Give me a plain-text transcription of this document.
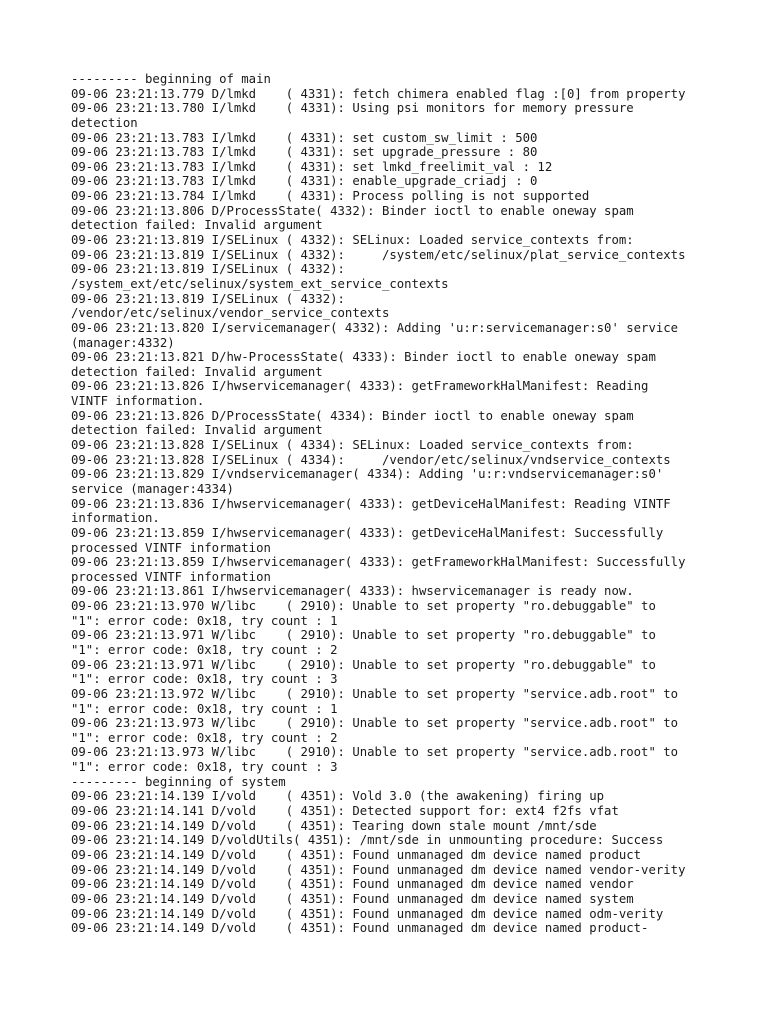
--------- beginning of main
09-06 23:21:13.779 D/lmkd    ( 4331): fetch chimera enabled flag :[0] from property
09-06 23:21:13.780 I/lmkd    ( 4331): Using psi monitors for memory pressure
detection
09-06 23:21:13.783 I/lmkd    ( 4331): set custom_sw_limit : 500
09-06 23:21:13.783 I/lmkd    ( 4331): set upgrade_pressure : 80
09-06 23:21:13.783 I/lmkd    ( 4331): set lmkd_freelimit_val : 12
09-06 23:21:13.783 I/lmkd    ( 4331): enable_upgrade_criadj : 0
09-06 23:21:13.784 I/lmkd    ( 4331): Process polling is not supported
09-06 23:21:13.806 D/ProcessState( 4332): Binder ioctl to enable oneway spam
detection failed: Invalid argument
09-06 23:21:13.819 I/SELinux ( 4332): SELinux: Loaded service_contexts from:
09-06 23:21:13.819 I/SELinux ( 4332):     /system/etc/selinux/plat_service_contexts
09-06 23:21:13.819 I/SELinux ( 4332):
/system_ext/etc/selinux/system_ext_service_contexts
09-06 23:21:13.819 I/SELinux ( 4332):
/vendor/etc/selinux/vendor_service_contexts
09-06 23:21:13.820 I/servicemanager( 4332): Adding 'u:r:servicemanager:s0' service
(manager:4332)
09-06 23:21:13.821 D/hw-ProcessState( 4333): Binder ioctl to enable oneway spam
detection failed: Invalid argument
09-06 23:21:13.826 I/hwservicemanager( 4333): getFrameworkHalManifest: Reading
VINTF information.
09-06 23:21:13.826 D/ProcessState( 4334): Binder ioctl to enable oneway spam
detection failed: Invalid argument
09-06 23:21:13.828 I/SELinux ( 4334): SELinux: Loaded service_contexts from:
09-06 23:21:13.828 I/SELinux ( 4334):     /vendor/etc/selinux/vndservice_contexts
09-06 23:21:13.829 I/vndservicemanager( 4334): Adding 'u:r:vndservicemanager:s0'
service (manager:4334)
09-06 23:21:13.836 I/hwservicemanager( 4333): getDeviceHalManifest: Reading VINTF
information.
09-06 23:21:13.859 I/hwservicemanager( 4333): getDeviceHalManifest: Successfully
processed VINTF information
09-06 23:21:13.859 I/hwservicemanager( 4333): getFrameworkHalManifest: Successfully
processed VINTF information
09-06 23:21:13.861 I/hwservicemanager( 4333): hwservicemanager is ready now.
09-06 23:21:13.970 W/libc    ( 2910): Unable to set property "ro.debuggable" to
"1": error code: 0x18, try count : 1
09-06 23:21:13.971 W/libc    ( 2910): Unable to set property "ro.debuggable" to
"1": error code: 0x18, try count : 2
09-06 23:21:13.971 W/libc    ( 2910): Unable to set property "ro.debuggable" to
"1": error code: 0x18, try count : 3
09-06 23:21:13.972 W/libc    ( 2910): Unable to set property "service.adb.root" to
"1": error code: 0x18, try count : 1
09-06 23:21:13.973 W/libc    ( 2910): Unable to set property "service.adb.root" to
"1": error code: 0x18, try count : 2
09-06 23:21:13.973 W/libc    ( 2910): Unable to set property "service.adb.root" to
"1": error code: 0x18, try count : 3
--------- beginning of system
09-06 23:21:14.139 I/vold    ( 4351): Vold 3.0 (the awakening) firing up
09-06 23:21:14.141 D/vold    ( 4351): Detected support for: ext4 f2fs vfat
09-06 23:21:14.149 D/vold    ( 4351): Tearing down stale mount /mnt/sde
09-06 23:21:14.149 D/voldUtils( 4351): /mnt/sde in unmounting procedure: Success
09-06 23:21:14.149 D/vold    ( 4351): Found unmanaged dm device named product
09-06 23:21:14.149 D/vold    ( 4351): Found unmanaged dm device named vendor-verity
09-06 23:21:14.149 D/vold    ( 4351): Found unmanaged dm device named vendor
09-06 23:21:14.149 D/vold    ( 4351): Found unmanaged dm device named system
09-06 23:21:14.149 D/vold    ( 4351): Found unmanaged dm device named odm-verity
09-06 23:21:14.149 D/vold    ( 4351): Found unmanaged dm device named product-
